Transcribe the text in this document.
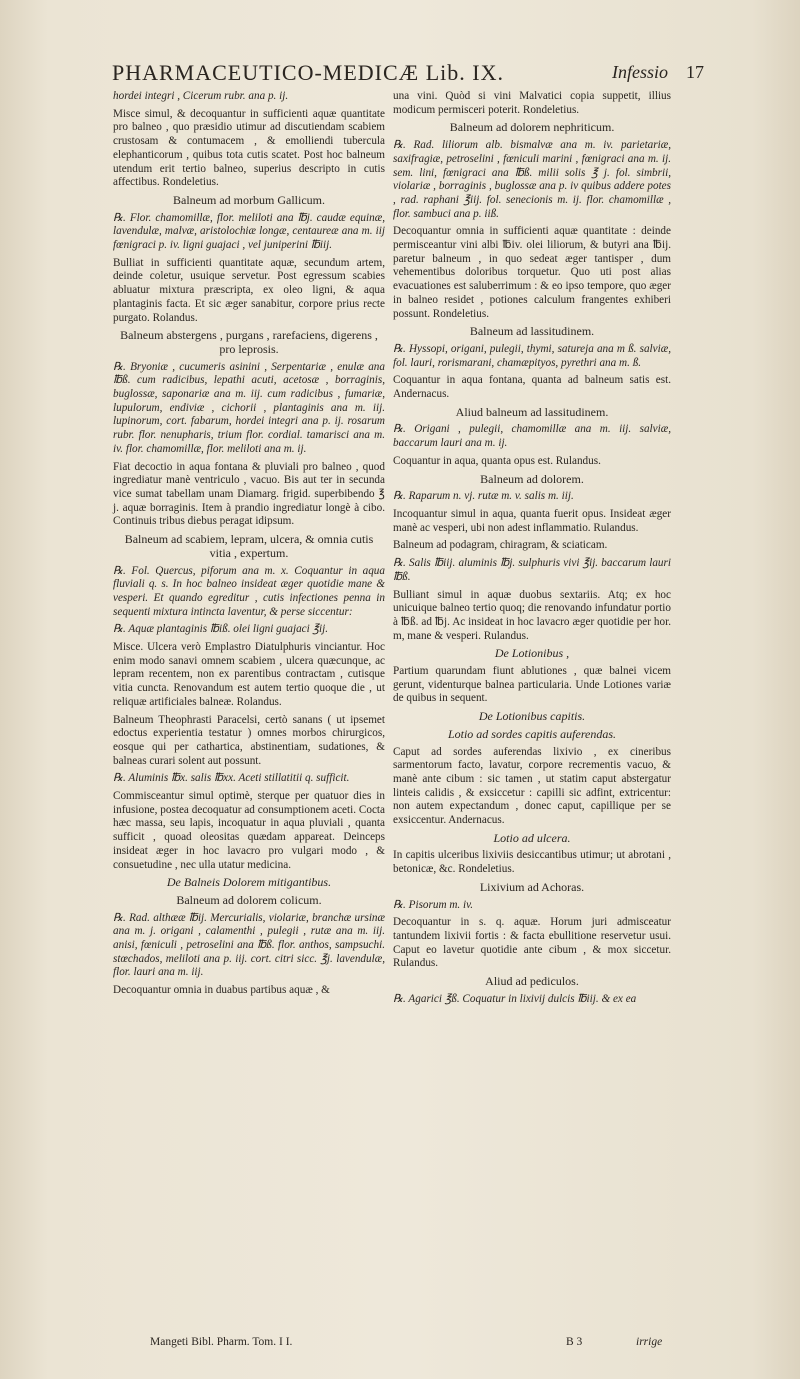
PHARMACEUTICO-MEDICÆ Lib. IX.	Infessio 17

hordei integri , Cicerum rubr. ana p. ij.

Misce simul, & decoquantur in sufficienti aquæ quantitate pro balneo , quo præsidio utimur ad discutiendam scabiem crustosam & contumacem , & emolliendi tubercula elephanticorum , quibus tota cutis scatet. Post hoc balneum utendum erit tertio balneo, superius descripto in cutis affectibus. Rondeletius.

Balneum ad morbum Gallicum.

℞. Flor. chamomillæ, flor. meliloti ana ℔j. caudæ equinæ, lavendulæ, malvæ, aristolochiæ longæ, centaureæ ana m. iij fœnigraci p. iv. ligni guajaci , vel juniperini ℔iij.

Bulliat in sufficienti quantitate aquæ, secundum artem, deinde coletur, usuique servetur. Post egressum scabies abluatur mixtura præscripta, ex oleo ligni, & aqua plantaginis facta. Et sic æger sanabitur, corpore prius recte purgato. Rolandus.

Balneum abstergens , purgans , rarefaciens, digerens , pro leprosis.

℞. Bryoniæ , cucumeris asinini , Serpentariæ , enulæ ana ℔ß. cum radicibus, lepathi acuti, acetosæ , borraginis, buglossæ, saponariæ ana m. iij. cum radicibus , fumariæ, lupulorum, endiviæ , cichorii , plantaginis ana m. iij. lupinorum, cort. fabarum, hordei integri ana p. ij. rosarum rubr. flor. nenupharis, trium flor. cordial. tamarisci ana m. iv. flor. chamomillæ, flor. meliloti ana m. ij.

Fiat decoctio in aqua fontana & pluviali pro balneo , quod ingrediatur manè ventriculo , vacuo. Bis aut ter in secunda vice sumat tabellam unam Diamarg. frigid. superbibendo ℥ j. aquæ borraginis. Item à prandio ingrediatur longè à cibo. Continuis tribus diebus peragat idipsum.

Balneum ad scabiem, lepram, ulcera, & omnia cutis vitia , expertum.

℞. Fol. Quercus, piforum ana m. x. Coquantur in aqua fluviali q. s. In hoc balneo insideat æger quotidie mane & vesperi. Et quando egreditur , cutis infectiones penna in sequenti mixtura intincta laventur, & perse siccentur:

℞. Aquæ plantaginis ℔iß. olei ligni guajaci ℥ij.

Misce. Ulcera verò Emplastro Diatulphuris vinciantur. Hoc enim modo sanavi omnem scabiem , ulcera quæcunque, ac lepram recentem, non ex parentibus contractam , cutisque vitia cuncta. Renovandum est autem tertio quoque die , ut reliquæ artificiales balneæ. Rolandus.

Balneum Theophrasti Paracelsi, certò sanans ( ut ipsemet edoctus experientia testatur ) omnes morbos chirurgicos, eosque qui per cathartica, abstinentiam, sudationes, & balneas curari solent aut possunt.

℞. Aluminis ℔x. salis ℔xx. Aceti stillatitii q. sufficit.

Commisceantur simul optimè, sterque per quatuor dies in infusione, postea decoquatur ad consumptionem aceti. Cocta hæc massa, seu lapis, incoquatur in aqua pluviali , quanta sufficit , quoad oleositas quædam appareat. Deinceps insideat æger in hoc lavacro pro vulgari modo , & consuetudine , nec ulla utatur medicina.

De Balneis Dolorem mitigantibus.

Balneum ad dolorem colicum.

℞. Rad. althææ ℔ij. Mercurialis, violariæ, branchæ ursinæ ana m. j. origani , calamenthi , pulegii , rutæ ana m. iij. anisi, fœniculi , petroselini ana ℔ß. flor. anthos, sampsuchi. stœchados, meliloti ana p. iij. cort. citri sicc. ℥j. lavendulæ, flor. lauri ana m. iij.

Decoquantur omnia in duabus partibus aquæ , &

una vini. Quòd si vini Malvatici copia suppetit, illius modicum permisceri poterit. Rondeletius.

Balneum ad dolorem nephriticum.

℞. Rad. liliorum alb. bismalvæ ana m. iv. parietariæ, saxifragiæ, petroselini , fœniculi marini , fœnigraci ana m. ij. sem. lini, fœnigraci ana ℔ß. milii solis ℥ j. fol. simbrii, violariæ , borraginis , buglossæ ana p. iv quibus addere potes , rad. raphani ℥iij. fol. senecionis m. ij. flor. chamomillæ , flor. sambuci ana p. iiß.

Decoquantur omnia in sufficienti aquæ quantitate : deinde permisceantur vini albi ℔iv. olei liliorum, & butyri ana ℔ij. paretur balneum , in quo sedeat æger tantisper , dum vehementibus doloribus torquetur. Quo uti post alias evacuationes est saluberrimum : & eo ipso tempore, quo æger in balneo residet , potiones calculum frangentes exhiberi possunt. Rondeletius.

Balneum ad lassitudinem.

℞. Hyssopi, origani, pulegii, thymi, satureja ana m ß. salviæ, fol. lauri, rorismarani, chamæpityos, pyrethri ana m. ß.

Coquantur in aqua fontana, quanta ad balneum satis est. Andernacus.

Aliud balneum ad lassitudinem.

℞. Origani , pulegii, chamomillæ ana m. iij. salviæ, baccarum lauri ana m. ij.

Coquantur in aqua, quanta opus est. Rulandus.

Balneum ad dolorem.

℞. Raparum n. vj. rutæ m. v. salis m. iij.

Incoquantur simul in aqua, quanta fuerit opus. Insideat æger manè ac vesperi, ubi non adest inflammatio. Rulandus.

Balneum ad podagram, chiragram, & sciaticam.

℞. Salis ℔iij. aluminis ℔j. sulphuris vivi ℥ij. baccarum lauri ℔ß.

Bulliant simul in aquæ duobus sextariis. Atq; ex hoc unicuique balneo tertio quoq; die renovando infundatur portio à ℔ß. ad ℔j. Ac insideat in hoc lavacro æger quotidie per hor. m, mane & vesperi. Rulandus.

De Lotionibus ,

Partium quarundam fiunt ablutiones , quæ balnei vicem gerunt, videnturque balnea particularia. Unde Lotiones variæ de quibus in sequent.

De Lotionibus capitis.

Lotio ad sordes capitis auferendas.

Caput ad sordes auferendas lixivio , ex cineribus sarmentorum facto, lavatur, corpore recrementis vacuo, & manè ante cibum : sic tamen , ut statim caput abstergatur linteis calidis , & exsiccetur : capilli sic adfint, extricentur: non autem expectandum , donec caput, capillique per se exsiccentur. Andernacus.

Lotio ad ulcera.

In capitis ulceribus lixiviis desiccantibus utimur; ut abrotani , betonicæ, &c. Rondeletius.

Lixivium ad Achoras.

℞. Pisorum m. iv.

Decoquantur in s. q. aquæ. Horum juri admisceatur tantundem lixivii fortis : & facta ebullitione reservetur usui. Caput eo lavetur quotidie ante cibum , & mox siccetur. Rulandus.

Aliud ad pediculos.

℞. Agarici ℥ß. Coquatur in lixivij dulcis ℔iij. & ex ea

Mangeti Bibl. Pharm. Tom. I I.	B 3	irrige
